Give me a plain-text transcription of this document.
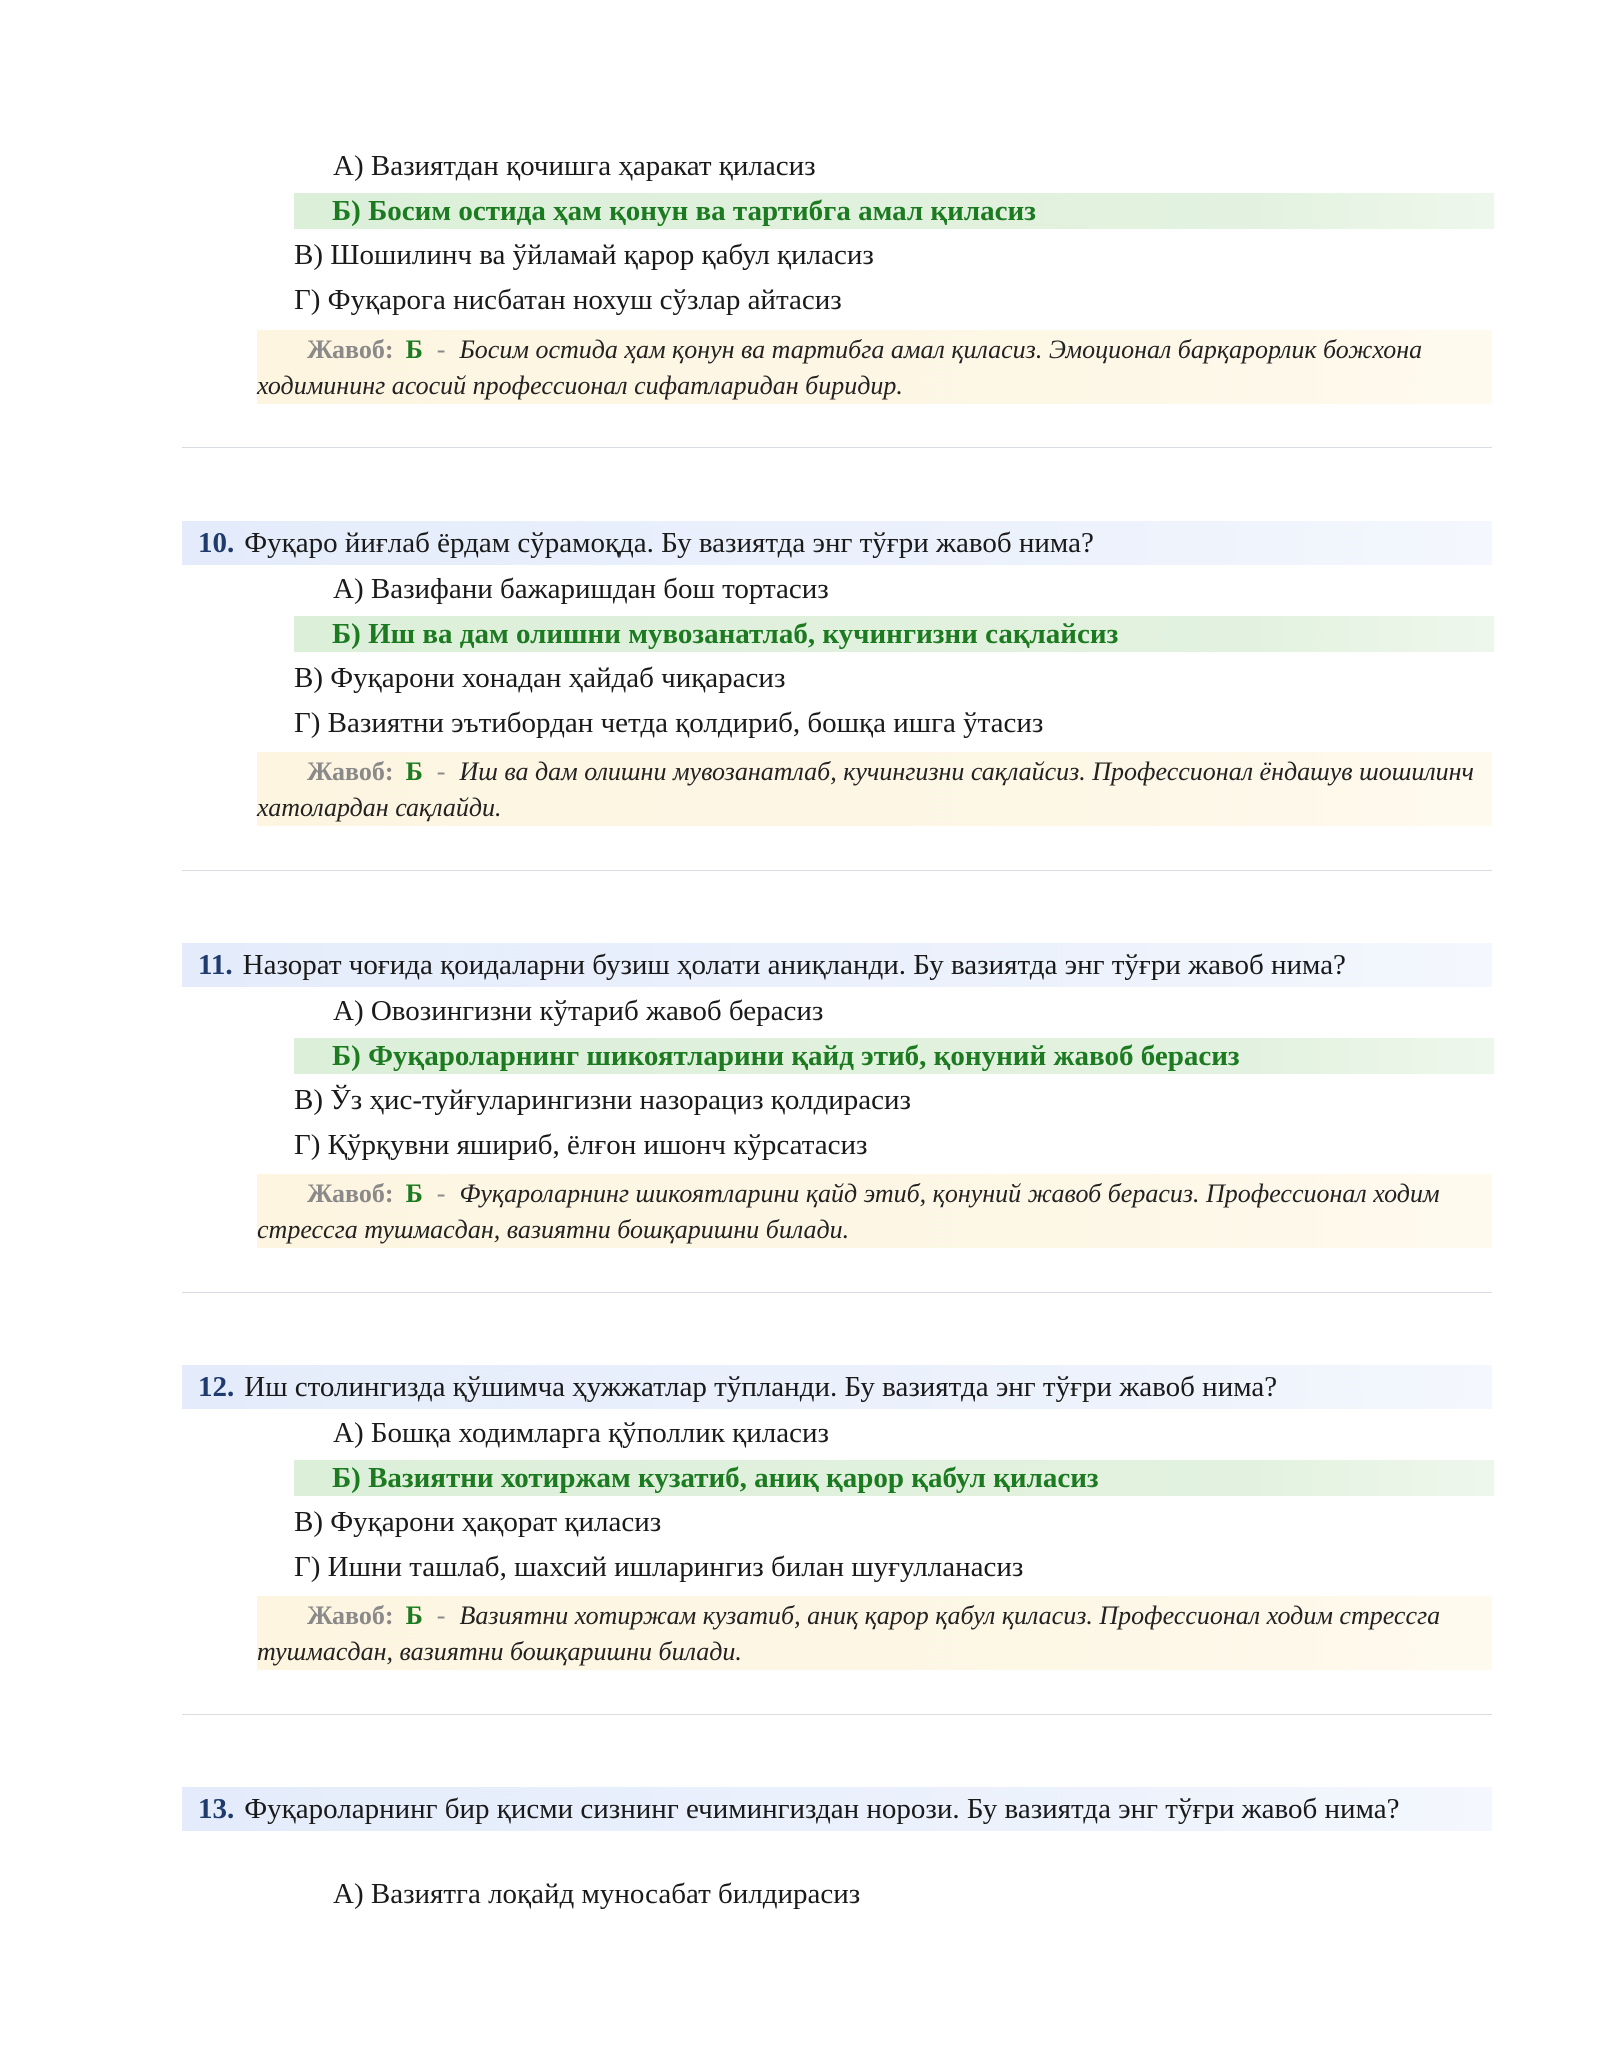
А) Вазиятдан қочишга ҳаракат қиласиз
Б) Босим остида ҳам қонун ва тартибга амал қиласиз
В) Шошилинч ва ўйламай қарор қабул қиласиз
Г) Фуқарога нисбатан нохуш сўзлар айтасиз
Жавоб: Б - Босим остида ҳам қонун ва тартибга амал қиласиз. Эмоционал барқарорлик божхона ходимининг асосий профессионал сифатларидан биридир.
10. Фуқаро йиғлаб ёрдам сўрамоқда. Бу вазиятда энг тўғри жавоб нима?
А) Вазифани бажаришдан бош тортасиз
Б) Иш ва дам олишни мувозанатлаб, кучингизни сақлайсиз
В) Фуқарони хонадан ҳайдаб чиқарасиз
Г) Вазиятни эътибордан четда қолдириб, бошқа ишга ўтасиз
Жавоб: Б - Иш ва дам олишни мувозанатлаб, кучингизни сақлайсиз. Профессионал ёндашув шошилинч хатолардан сақлайди.
11. Назорат чоғида қоидаларни бузиш ҳолати аниқланди. Бу вазиятда энг тўғри жавоб нима?
А) Овозингизни кўтариб жавоб берасиз
Б) Фуқароларнинг шикоятларини қайд этиб, қонуний жавоб берасиз
В) Ўз ҳис-туйғуларингизни назорациз қолдирасиз
Г) Қўрқувни яшириб, ёлғон ишонч кўрсатасиз
Жавоб: Б - Фуқароларнинг шикоятларини қайд этиб, қонуний жавоб берасиз. Профессионал ходим стрессга тушмасдан, вазиятни бошқаришни билади.
12. Иш столингизда қўшимча ҳужжатлар тўпланди. Бу вазиятда энг тўғри жавоб нима?
А) Бошқа ходимларга қўполлик қиласиз
Б) Вазиятни хотиржам кузатиб, аниқ қарор қабул қиласиз
В) Фуқарони ҳақорат қиласиз
Г) Ишни ташлаб, шахсий ишларингиз билан шуғулланасиз
Жавоб: Б - Вазиятни хотиржам кузатиб, аниқ қарор қабул қиласиз. Профессионал ходим стрессга тушмасдан, вазиятни бошқаришни билади.
13. Фуқароларнинг бир қисми сизнинг ечимингиздан норози. Бу вазиятда энг тўғри жавоб нима?
А) Вазиятга лоқайд муносабат билдирасиз
